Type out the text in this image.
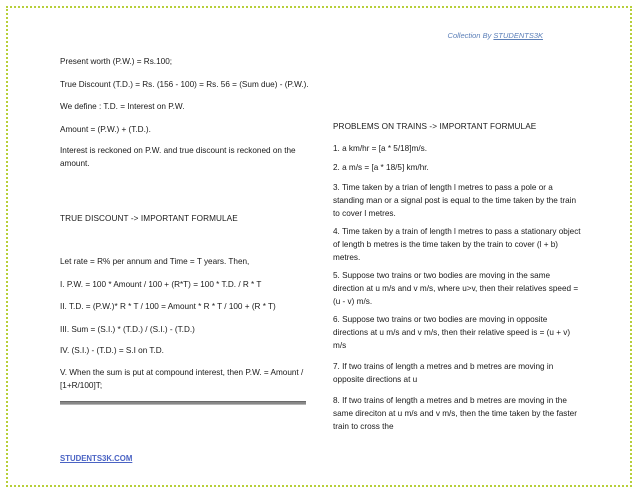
Collection By STUDENTS3K

Present worth (P.W.) = Rs.100;

True Discount (T.D.) = Rs. (156 - 100) = Rs. 56 = (Sum due) - (P.W.).

We define : T.D. = Interest on P.W.

Amount = (P.W.) + (T.D.).

Interest is reckoned on P.W. and true discount is reckoned on the amount.

TRUE DISCOUNT -> IMPORTANT FORMULAE

Let rate = R% per annum and Time = T years. Then,

I. P.W. = 100 * Amount / 100 + (R*T) = 100 * T.D. / R * T

II. T.D. = (P.W.)* R * T / 100 = Amount * R * T / 100 + (R * T)

III. Sum = (S.I.) * (T.D.) / (S.I.) - (T.D.)

IV. (S.I.) - (T.D.) = S.I on T.D.

V. When the sum is put at compound interest, then P.W. = Amount / [1+R/100]T;

PROBLEMS ON TRAINS -> IMPORTANT FORMULAE

1. a km/hr = [a * 5/18]m/s.

2. a m/s = [a * 18/5] km/hr.

3. Time taken by a trian of length l metres to pass a pole or a standing man or a signal post is equal to the time taken by the train to cover l metres.

4. Time taken by a train of length l metres to pass a stationary object of length b metres is the time taken by the train to cover (l + b) metres.

5. Suppose two trains or two bodies are moving in the same direction at u m/s and v m/s, where u>v, then their relatives speed = (u - v) m/s.

6. Suppose two trains or two bodies are moving in opposite directions at u m/s and v m/s, then their relative speed is = (u + v) m/s

7. If two trains of length a metres and b metres are moving in opposite directions at u

8. If two trains of length a metres and b metres are moving in the same direciton at u m/s and v m/s, then the time taken by the faster train to cross the

STUDENTS3K.COM
